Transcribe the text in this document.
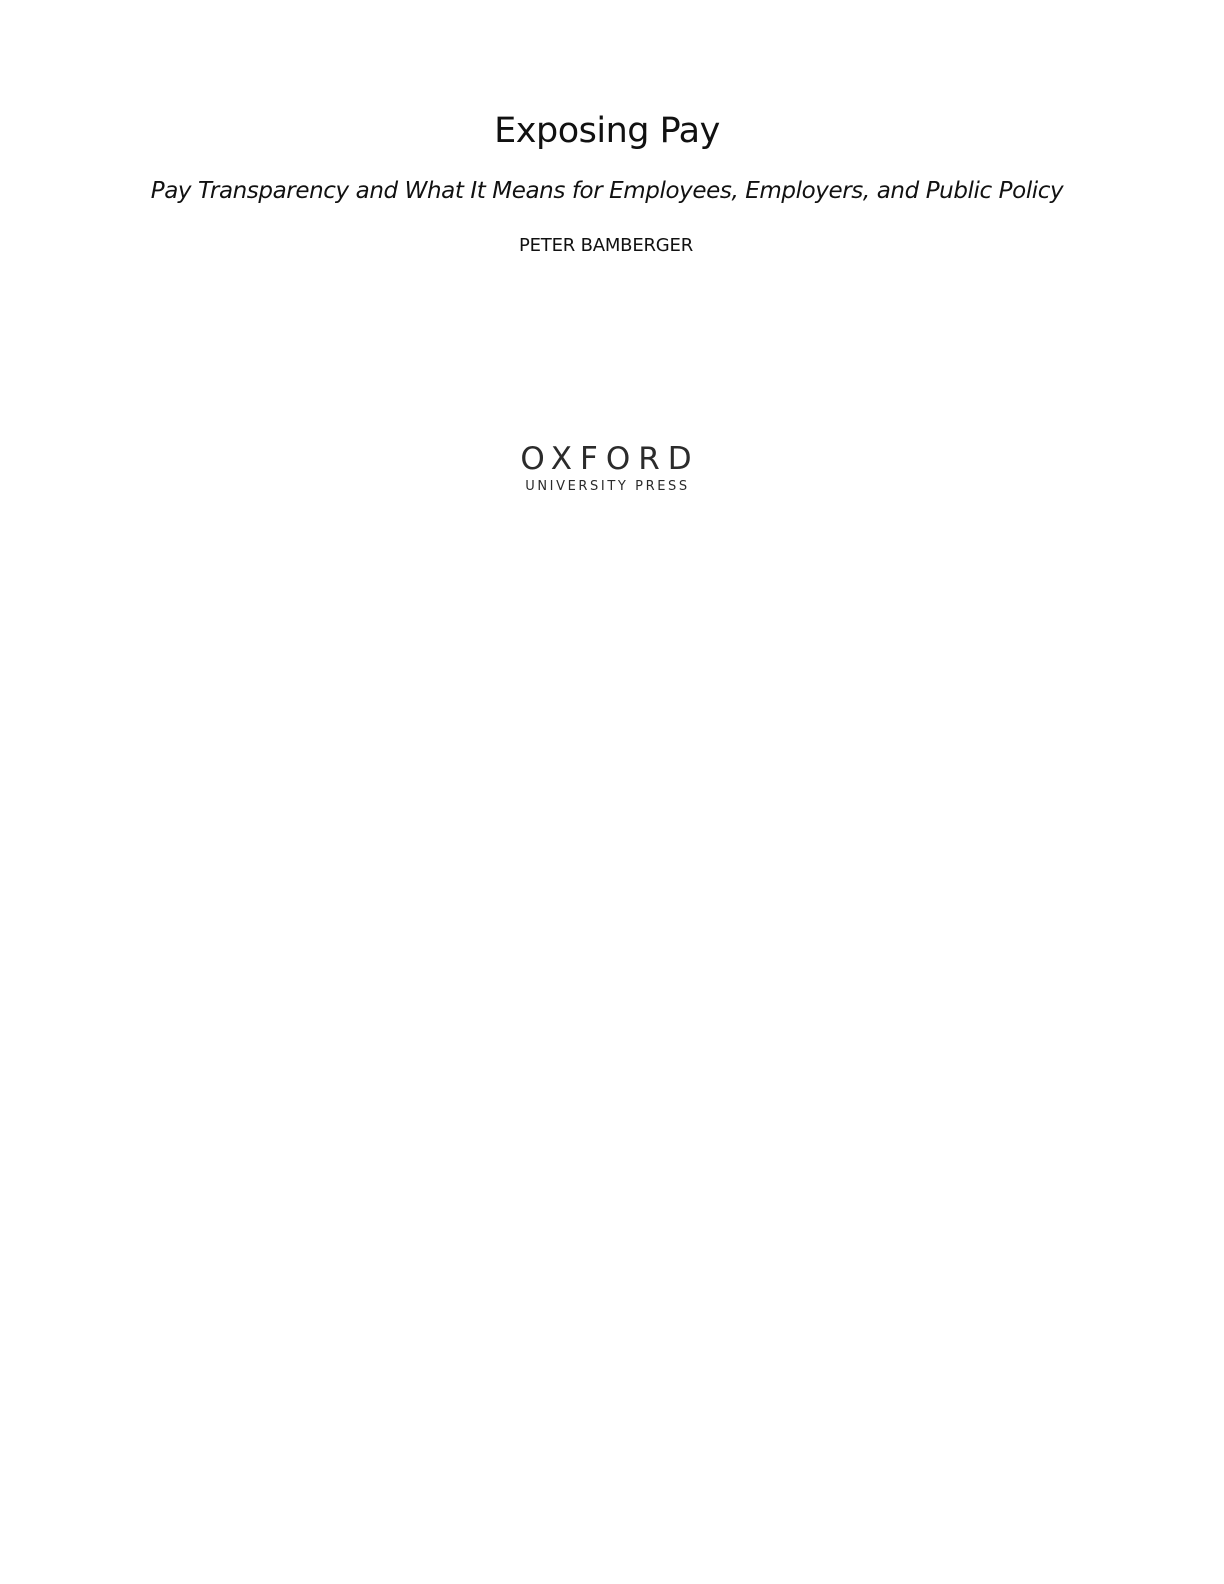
Exposing Pay
Pay Transparency and What It Means for Employees, Employers, and Public Policy
PETER BAMBERGER
OXFORD
UNIVERSITY PRESS
